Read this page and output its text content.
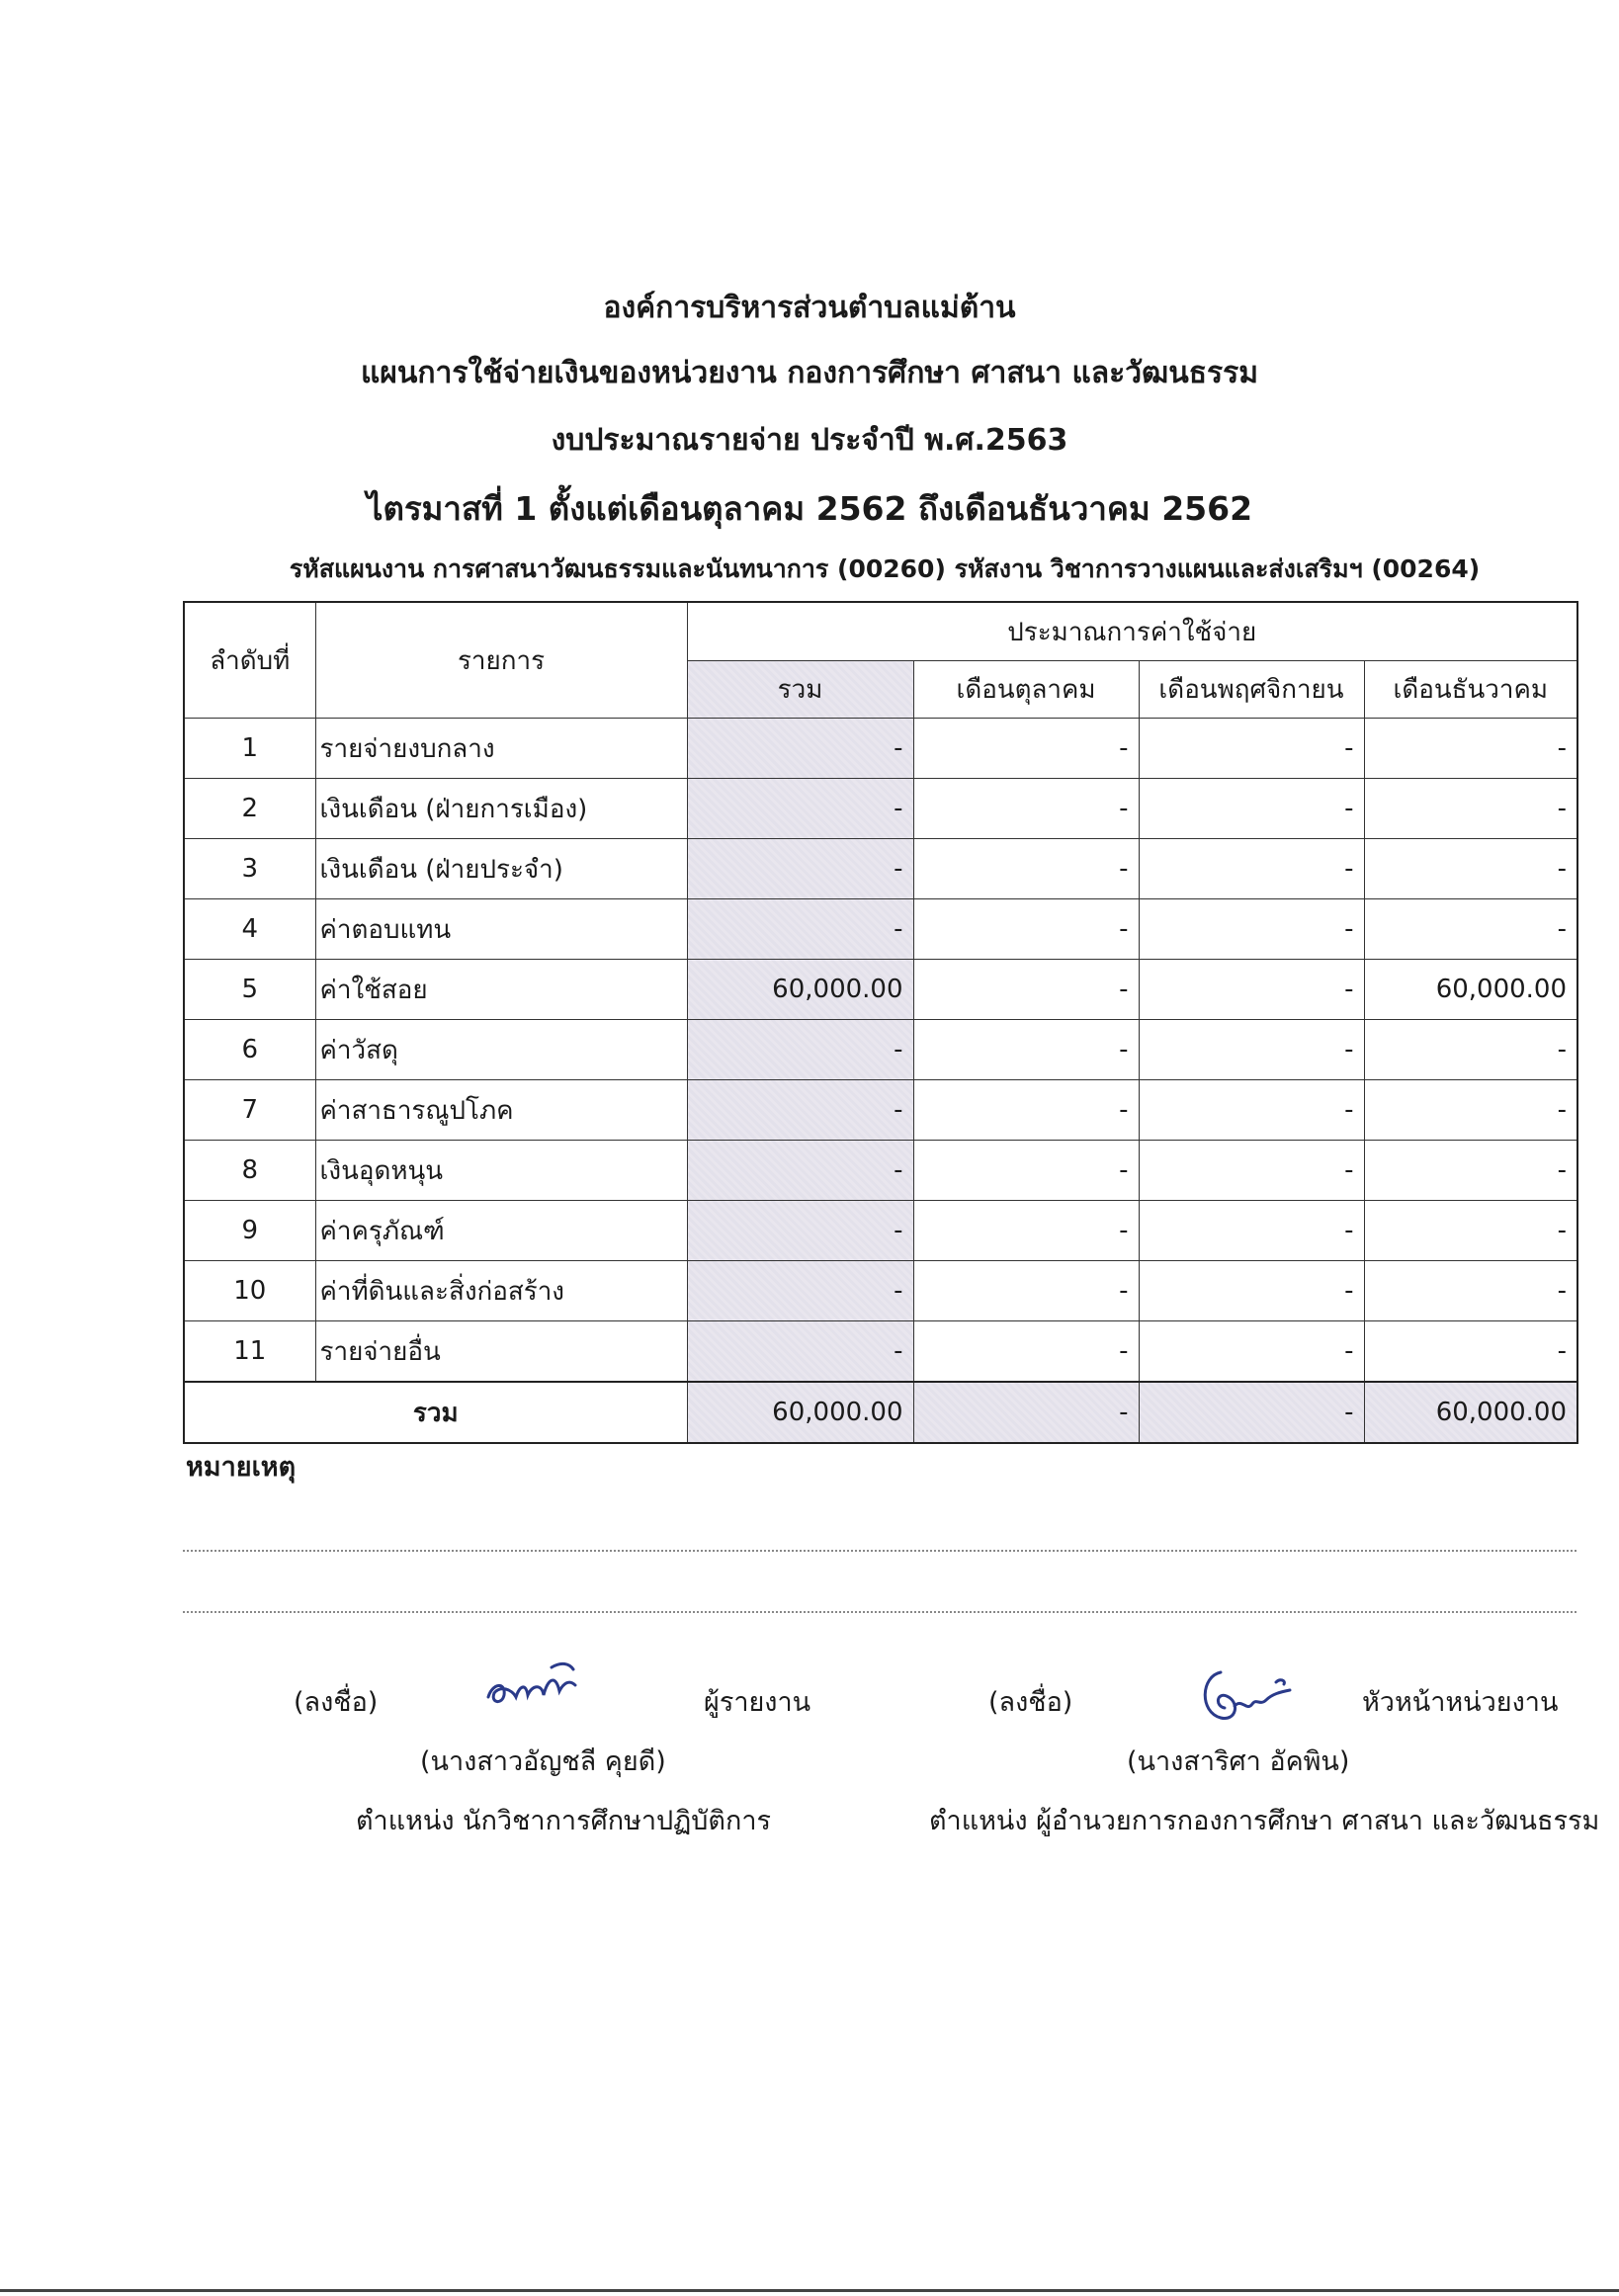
องค์การบริหารส่วนตำบลแม่ต้าน
แผนการใช้จ่ายเงินของหน่วยงาน กองการศึกษา ศาสนา และวัฒนธรรม
งบประมาณรายจ่าย ประจำปี พ.ศ.2563
ไตรมาสที่ 1 ตั้งแต่เดือนตุลาคม 2562 ถึงเดือนธันวาคม 2562
รหัสแผนงาน การศาสนาวัฒนธรรมและนันทนาการ (00260) รหัสงาน วิชาการวางแผนและส่งเสริมฯ (00264)
ลำดับที่	รายการ	ประมาณการค่าใช้จ่าย			
		รวม	เดือนตุลาคม	เดือนพฤศจิกายน	เดือนธันวาคม
1	รายจ่ายงบกลาง	-	-	-	-
2	เงินเดือน (ฝ่ายการเมือง)	-	-	-	-
3	เงินเดือน (ฝ่ายประจำ)	-	-	-	-
4	ค่าตอบแทน	-	-	-	-
5	ค่าใช้สอย	60,000.00	-	-	60,000.00
6	ค่าวัสดุ	-	-	-	-
7	ค่าสาธารณูปโภค	-	-	-	-
8	เงินอุดหนุน	-	-	-	-
9	ค่าครุภัณฑ์	-	-	-	-
10	ค่าที่ดินและสิ่งก่อสร้าง	-	-	-	-
11	รายจ่ายอื่น	-	-	-	-
รวม		60,000.00	-	-	60,000.00
หมายเหตุ
(ลงชื่อ)	ผู้รายงาน
(นางสาวอัญชลี คุยดี)
ตำแหน่ง นักวิชาการศึกษาปฏิบัติการ
(ลงชื่อ)	หัวหน้าหน่วยงาน
(นางสาริศา อัคพิน)
ตำแหน่ง ผู้อำนวยการกองการศึกษา ศาสนา และวัฒนธรรม
